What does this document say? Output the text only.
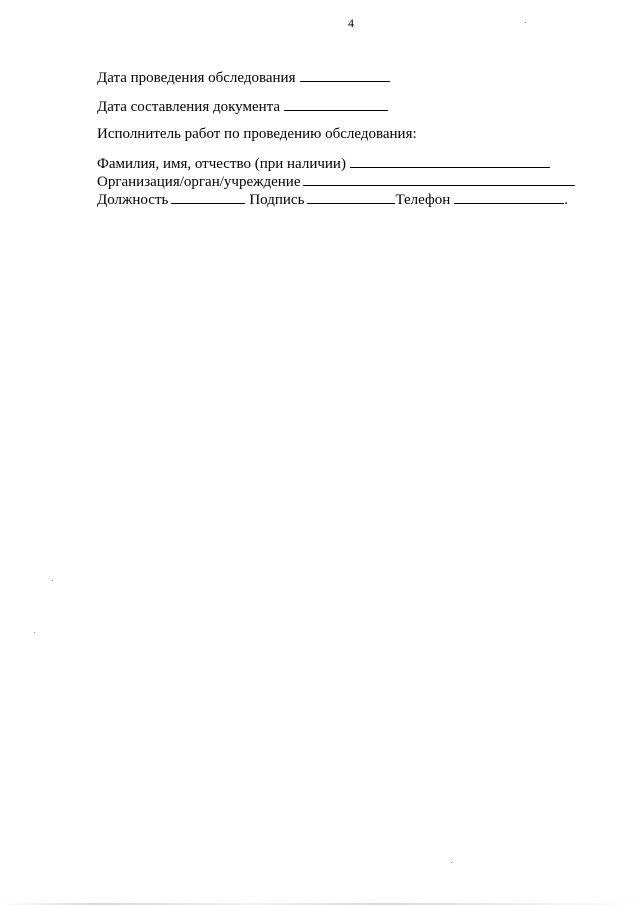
4
Дата проведения обследования
Дата составления документа
Исполнитель работ по проведению обследования:
Фамилия, имя, отчество (при наличии)
Организация/орган/учреждение
Должность	Подпись	Телефон	.
